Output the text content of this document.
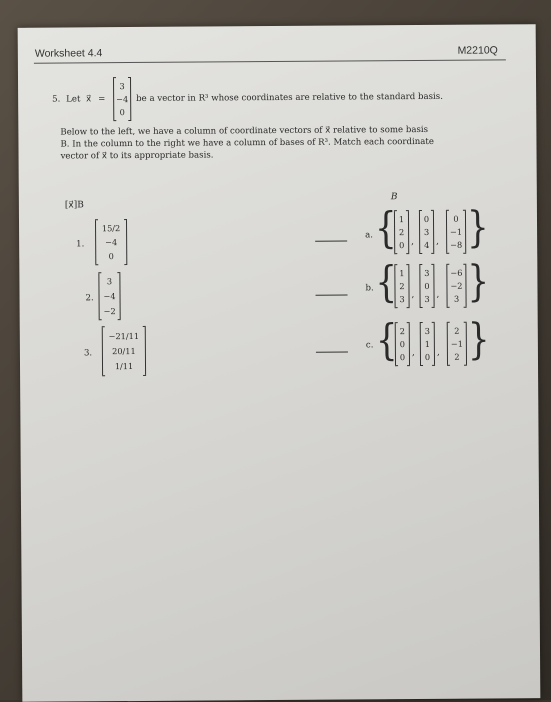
Worksheet 4.4	M2210Q
5. Let x⃗ =
3
−4
0
be a vector in R³ whose coordinates are relative to the standard basis.
Below to the left, we have a column of coordinate vectors of x⃗ relative to some basis
B. In the column to the right we have a column of bases of R³. Match each coordinate
vector of x⃗ to its appropriate basis.
[x⃗]B
B
1.
15/2
−4
0
2.
3
−4
−2
3.
−21/11
20/11
1/11
a. { 1
2
0 ,
0
3
4 ,
0
−1
−8 }
b. { 1
2
3 ,
3
0
3 ,
−6
−2
3 }
c. { 2
0
0 ,
3
1
0 ,
2
−1
2 }
